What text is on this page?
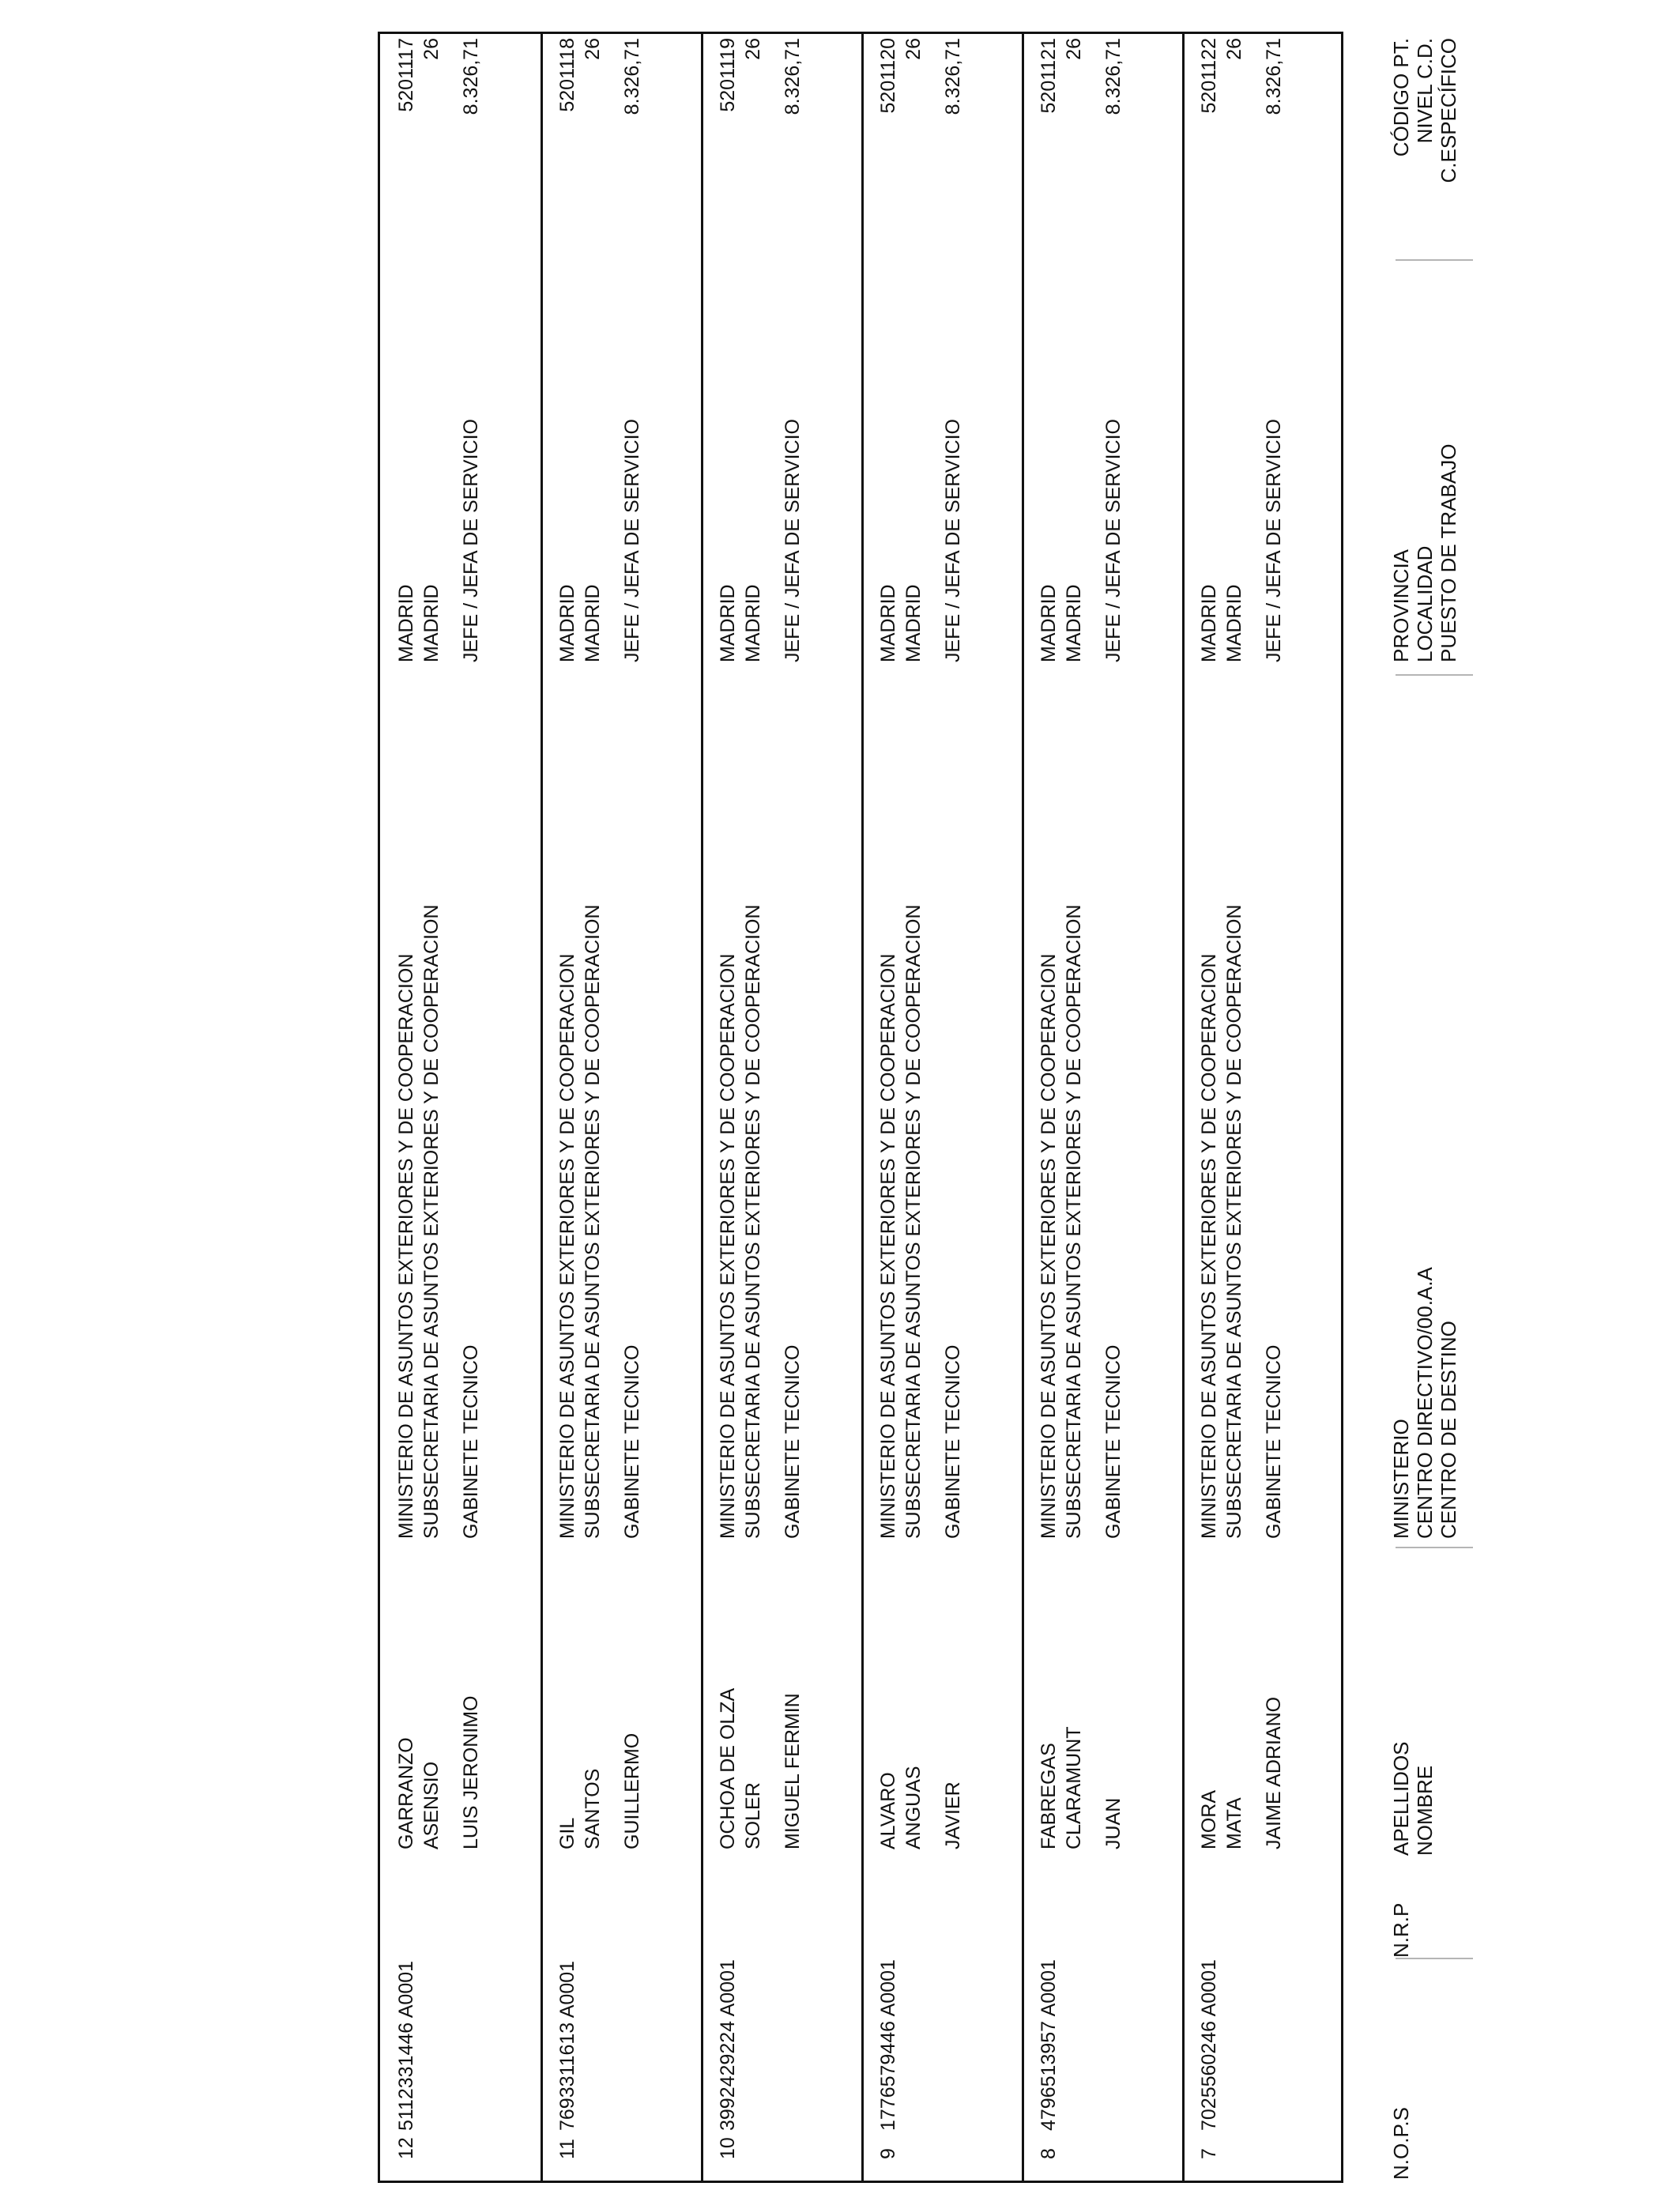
N.O.P.S
N.R.P
APELLIDOS NOMBRE
MINISTERIO CENTRO DIRECTIVO/00.A.A CENTRO DE DESTINO
PROVINCIA LOCALIDAD PUESTO DE TRABAJO
CÓDIGO PT. NIVEL C.D. C.ESPECÍFICO
7
7025560246 A0001
MORA MATA JAIME ADRIANO
MINISTERIO DE ASUNTOS EXTERIORES Y DE COOPERACION SUBSECRETARIA DE ASUNTOS EXTERIORES Y DE COOPERACION GABINETE TECNICO
MADRID MADRID JEFE / JEFA DE SERVICIO
5201122 26 8.326,71
8
4796513957 A0001
FABREGAS CLARAMUNT JUAN
MINISTERIO DE ASUNTOS EXTERIORES Y DE COOPERACION SUBSECRETARIA DE ASUNTOS EXTERIORES Y DE COOPERACION GABINETE TECNICO
MADRID MADRID JEFE / JEFA DE SERVICIO
5201121 26 8.326,71
9
1776579446 A0001
ALVARO ANGUAS JAVIER
MINISTERIO DE ASUNTOS EXTERIORES Y DE COOPERACION SUBSECRETARIA DE ASUNTOS EXTERIORES Y DE COOPERACION GABINETE TECNICO
MADRID MADRID JEFE / JEFA DE SERVICIO
5201120 26 8.326,71
10
3992429224 A0001
OCHOA DE OLZA SOLER MIGUEL FERMIN
MINISTERIO DE ASUNTOS EXTERIORES Y DE COOPERACION SUBSECRETARIA DE ASUNTOS EXTERIORES Y DE COOPERACION GABINETE TECNICO
MADRID MADRID JEFE / JEFA DE SERVICIO
5201119 26 8.326,71
11
7693311613 A0001
GIL SANTOS GUILLERMO
MINISTERIO DE ASUNTOS EXTERIORES Y DE COOPERACION SUBSECRETARIA DE ASUNTOS EXTERIORES Y DE COOPERACION GABINETE TECNICO
MADRID MADRID JEFE / JEFA DE SERVICIO
5201118 26 8.326,71
12
5112331446 A0001
GARRANZO ASENSIO LUIS JERONIMO
MINISTERIO DE ASUNTOS EXTERIORES Y DE COOPERACION SUBSECRETARIA DE ASUNTOS EXTERIORES Y DE COOPERACION GABINETE TECNICO
MADRID MADRID JEFE / JEFA DE SERVICIO
5201117 26 8.326,71
